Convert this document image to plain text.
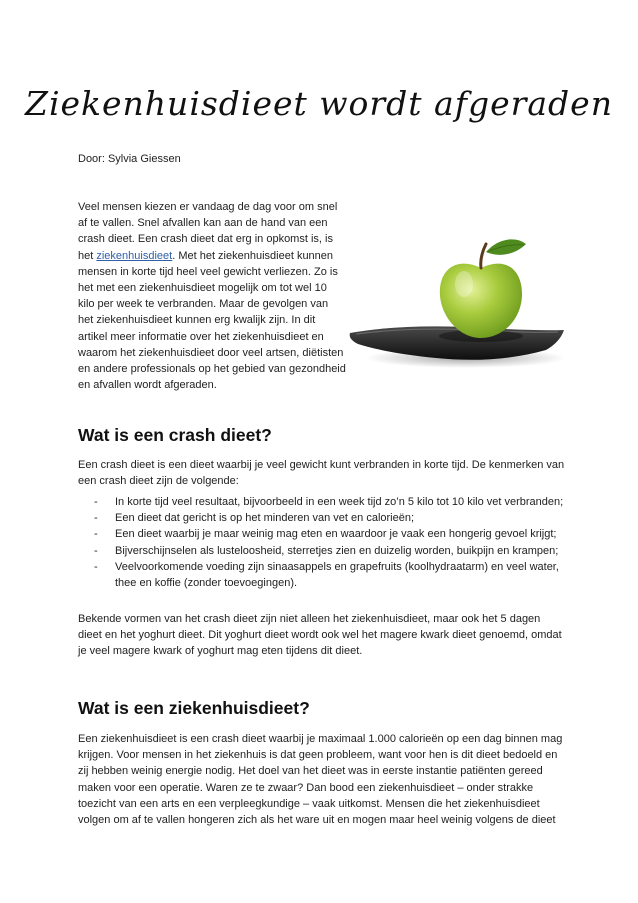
Ziekenhuisdieet wordt afgeraden
Door: Sylvia Giessen
Veel mensen kiezen er vandaag de dag voor om snel af te vallen. Snel afvallen kan aan de hand van een crash dieet. Een crash dieet dat erg in opkomst is, is het ziekenhuisdieet. Met het ziekenhuisdieet kunnen mensen in korte tijd heel veel gewicht verliezen. Zo is het met een ziekenhuisdieet mogelijk om tot wel 10 kilo per week te verbranden. Maar de gevolgen van het ziekenhuisdieet kunnen erg kwalijk zijn. In dit artikel meer informatie over het ziekenhuisdieet en waarom het ziekenhuisdieet door veel artsen, diëtisten en andere professionals op het gebied van gezondheid en afvallen wordt afgeraden.
Wat is een crash dieet?
Een crash dieet is een dieet waarbij je veel gewicht kunt verbranden in korte tijd. De kenmerken van een crash dieet zijn de volgende:
- In korte tijd veel resultaat, bijvoorbeeld in een week tijd zo’n 5 kilo tot 10 kilo vet verbranden;
- Een dieet dat gericht is op het minderen van vet en calorieën;
- Een dieet waarbij je maar weinig mag eten en waardoor je vaak een hongerig gevoel krijgt;
- Bijverschijnselen als lusteloosheid, sterretjes zien en duizelig worden, buikpijn en krampen;
- Veelvoorkomende voeding zijn sinaasappels en grapefruits (koolhydraatarm) en veel water, thee en koffie (zonder toevoegingen).
Bekende vormen van het crash dieet zijn niet alleen het ziekenhuisdieet, maar ook het 5 dagen dieet en het yoghurt dieet. Dit yoghurt dieet wordt ook wel het magere kwark dieet genoemd, omdat je veel magere kwark of yoghurt mag eten tijdens dit dieet.
Wat is een ziekenhuisdieet?
Een ziekenhuisdieet is een crash dieet waarbij je maximaal 1.000 calorieën op een dag binnen mag krijgen. Voor mensen in het ziekenhuis is dat geen probleem, want voor hen is dit dieet bedoeld en zij hebben weinig energie nodig. Het doel van het dieet was in eerste instantie patiënten gereed maken voor een operatie. Waren ze te zwaar? Dan bood een ziekenhuisdieet – onder strakke toezicht van een arts en een verpleegkundige – vaak uitkomst. Mensen die het ziekenhuisdieet volgen om af te vallen hongeren zich als het ware uit en mogen maar heel weinig volgens de dieet
